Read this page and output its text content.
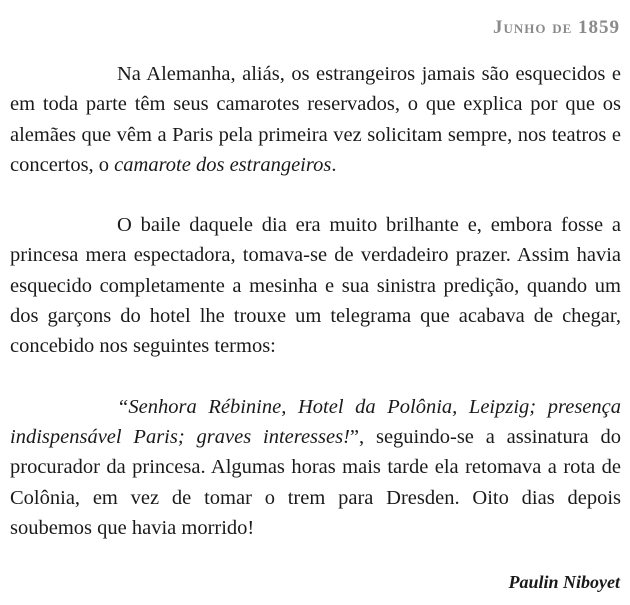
Junho de 1859

Na Alemanha, aliás, os estrangeiros jamais são esquecidos e em toda parte têm seus camarotes reservados, o que explica por que os alemães que vêm a Paris pela primeira vez solicitam sempre, nos teatros e concertos, o camarote dos estrangeiros.

O baile daquele dia era muito brilhante e, embora fosse a princesa mera espectadora, tomava-se de verdadeiro prazer. Assim havia esquecido completamente a mesinha e sua sinistra predição, quando um dos garçons do hotel lhe trouxe um telegrama que acabava de chegar, concebido nos seguintes termos:

“Senhora Rébinine, Hotel da Polônia, Leipzig; presença indispensável Paris; graves interesses!”, seguindo-se a assinatura do procurador da princesa. Algumas horas mais tarde ela retomava a rota de Colônia, em vez de tomar o trem para Dresden. Oito dias depois soubemos que havia morrido!

Paulin Niboyet
